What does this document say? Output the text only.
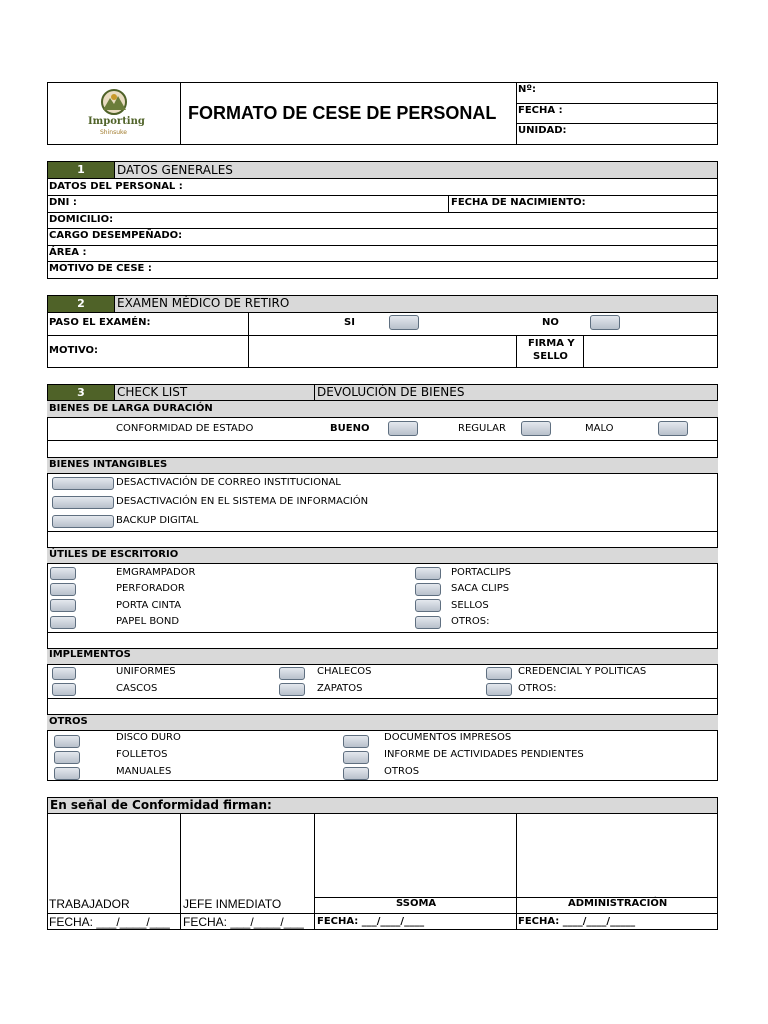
Importing
Shinsuke
FORMATO DE CESE DE PERSONAL
Nº:
FECHA :
UNIDAD:
1	DATOS GENERALES
DATOS DEL PERSONAL :
DNI :	FECHA DE NACIMIENTO:
DOMICILIO:
CARGO DESEMPEÑADO:
ÁREA :
MOTIVO DE CESE :
2	EXAMEN MÉDICO DE RETIRO
PASO EL EXAMÉN:	SI	NO
MOTIVO:
FIRMA Y
SELLO
3	CHECK LIST	DEVOLUCIÓN DE BIENES
BIENES DE LARGA DURACIÓN
CONFORMIDAD DE ESTADO	BUENO	REGULAR	MALO
BIENES INTANGIBLES
DESACTIVACIÓN DE CORREO INSTITUCIONAL
DESACTIVACIÓN EN EL SISTEMA DE INFORMACIÓN
BACKUP DIGITAL
ÚTILES DE ESCRITORIO
EMGRAMPADOR
PERFORADOR
PORTA CINTA
PAPEL BOND
PORTACLIPS
SACA CLIPS
SELLOS
OTROS:
IMPLEMENTOS
UNIFORMES
CASCOS
CHALECOS
ZAPATOS
CREDENCIAL Y POLITICAS
OTROS:
OTROS
DISCO DURO
FOLLETOS
MANUALES
DOCUMENTOS IMPRESOS
INFORME DE ACTIVIDADES PENDIENTES
OTROS
En señal de Conformidad firman:
TRABAJADOR	JEFE INMEDIATO	SSOMA	ADMINISTRACIÓN
FECHA: ___/____/___ FECHA: ___/____/___ FECHA: ___/____/____	FECHA: ____/____/_____
